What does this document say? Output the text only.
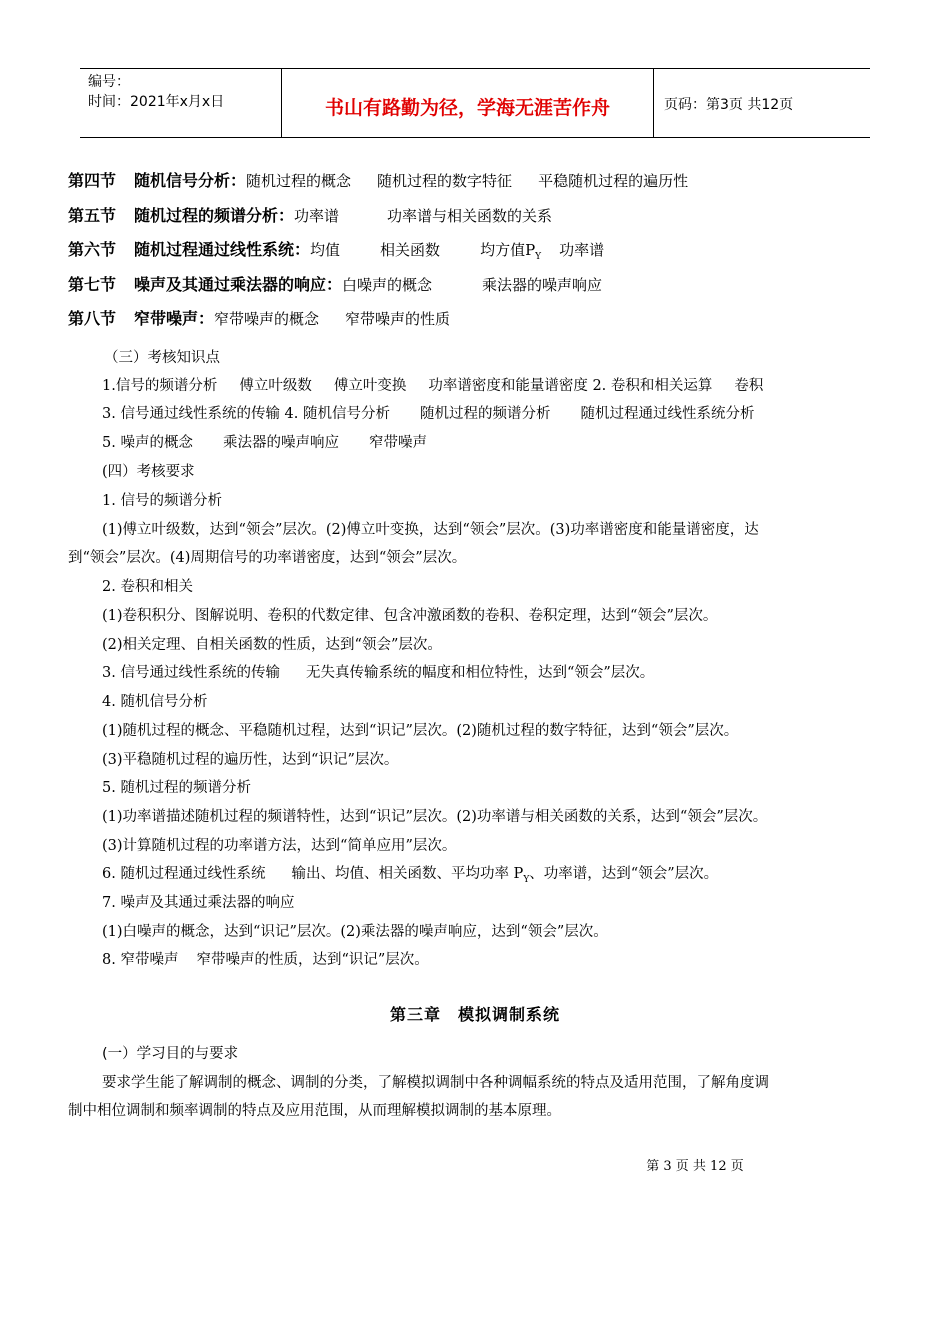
编号：
时间：2021年x月x日	书山有路勤为径，学海无涯苦作舟	页码：第3页 共12页
第四节 随机信号分析：随机过程的概念 随机过程的数字特征 平稳随机过程的遍历性
第五节 随机过程的频谱分析：功率谱	功率谱与相关函数的关系
第六节 随机过程通过线性系统：均值	相关函数	均方值$P_Y$ 功率谱
第七节 噪声及其通过乘法器的响应：白噪声的概念	乘法器的噪声响应
第八节 窄带噪声：窄带噪声的概念 窄带噪声的性质
（三）考核知识点
1.信号的频谱分析 傅立叶级数 傅立叶变换 功率谱密度和能量谱密度 2. 卷积和相关运算 卷积
3. 信号通过线性系统的传输 4. 随机信号分析 随机过程的频谱分析 随机过程通过线性系统分析
5. 噪声的概念 乘法器的噪声响应 窄带噪声
(四）考核要求
1. 信号的频谱分析
(1)傅立叶级数，达到“领会”层次。(2)傅立叶变换，达到“领会”层次。(3)功率谱密度和能量谱密度，达
到“领会”层次。(4)周期信号的功率谱密度，达到“领会”层次。
2. 卷积和相关
(1)卷积积分、图解说明、卷积的代数定律、包含冲激函数的卷积、卷积定理，达到“领会”层次。
(2)相关定理、自相关函数的性质，达到“领会”层次。
3. 信号通过线性系统的传输 无失真传输系统的幅度和相位特性，达到“领会”层次。
4. 随机信号分析
(1)随机过程的概念、平稳随机过程，达到“识记”层次。(2)随机过程的数字特征，达到“领会”层次。
(3)平稳随机过程的遍历性，达到“识记”层次。
5. 随机过程的频谱分析
(1)功率谱描述随机过程的频谱特性，达到“识记”层次。(2)功率谱与相关函数的关系，达到“领会”层次。
(3)计算随机过程的功率谱方法，达到“简单应用”层次。
6. 随机过程通过线性系统 输出、均值、相关函数、平均功率 $P_Y$、功率谱，达到“领会”层次。
7. 噪声及其通过乘法器的响应
(1)白噪声的概念，达到“识记”层次。(2)乘法器的噪声响应，达到“领会”层次。
8. 窄带噪声 窄带噪声的性质，达到“识记”层次。
第三章　模拟调制系统
(一）学习目的与要求
要求学生能了解调制的概念、调制的分类，了解模拟调制中各种调幅系统的特点及适用范围，了解角度调
制中相位调制和频率调制的特点及应用范围，从而理解模拟调制的基本原理。
第 3 页 共 12 页
